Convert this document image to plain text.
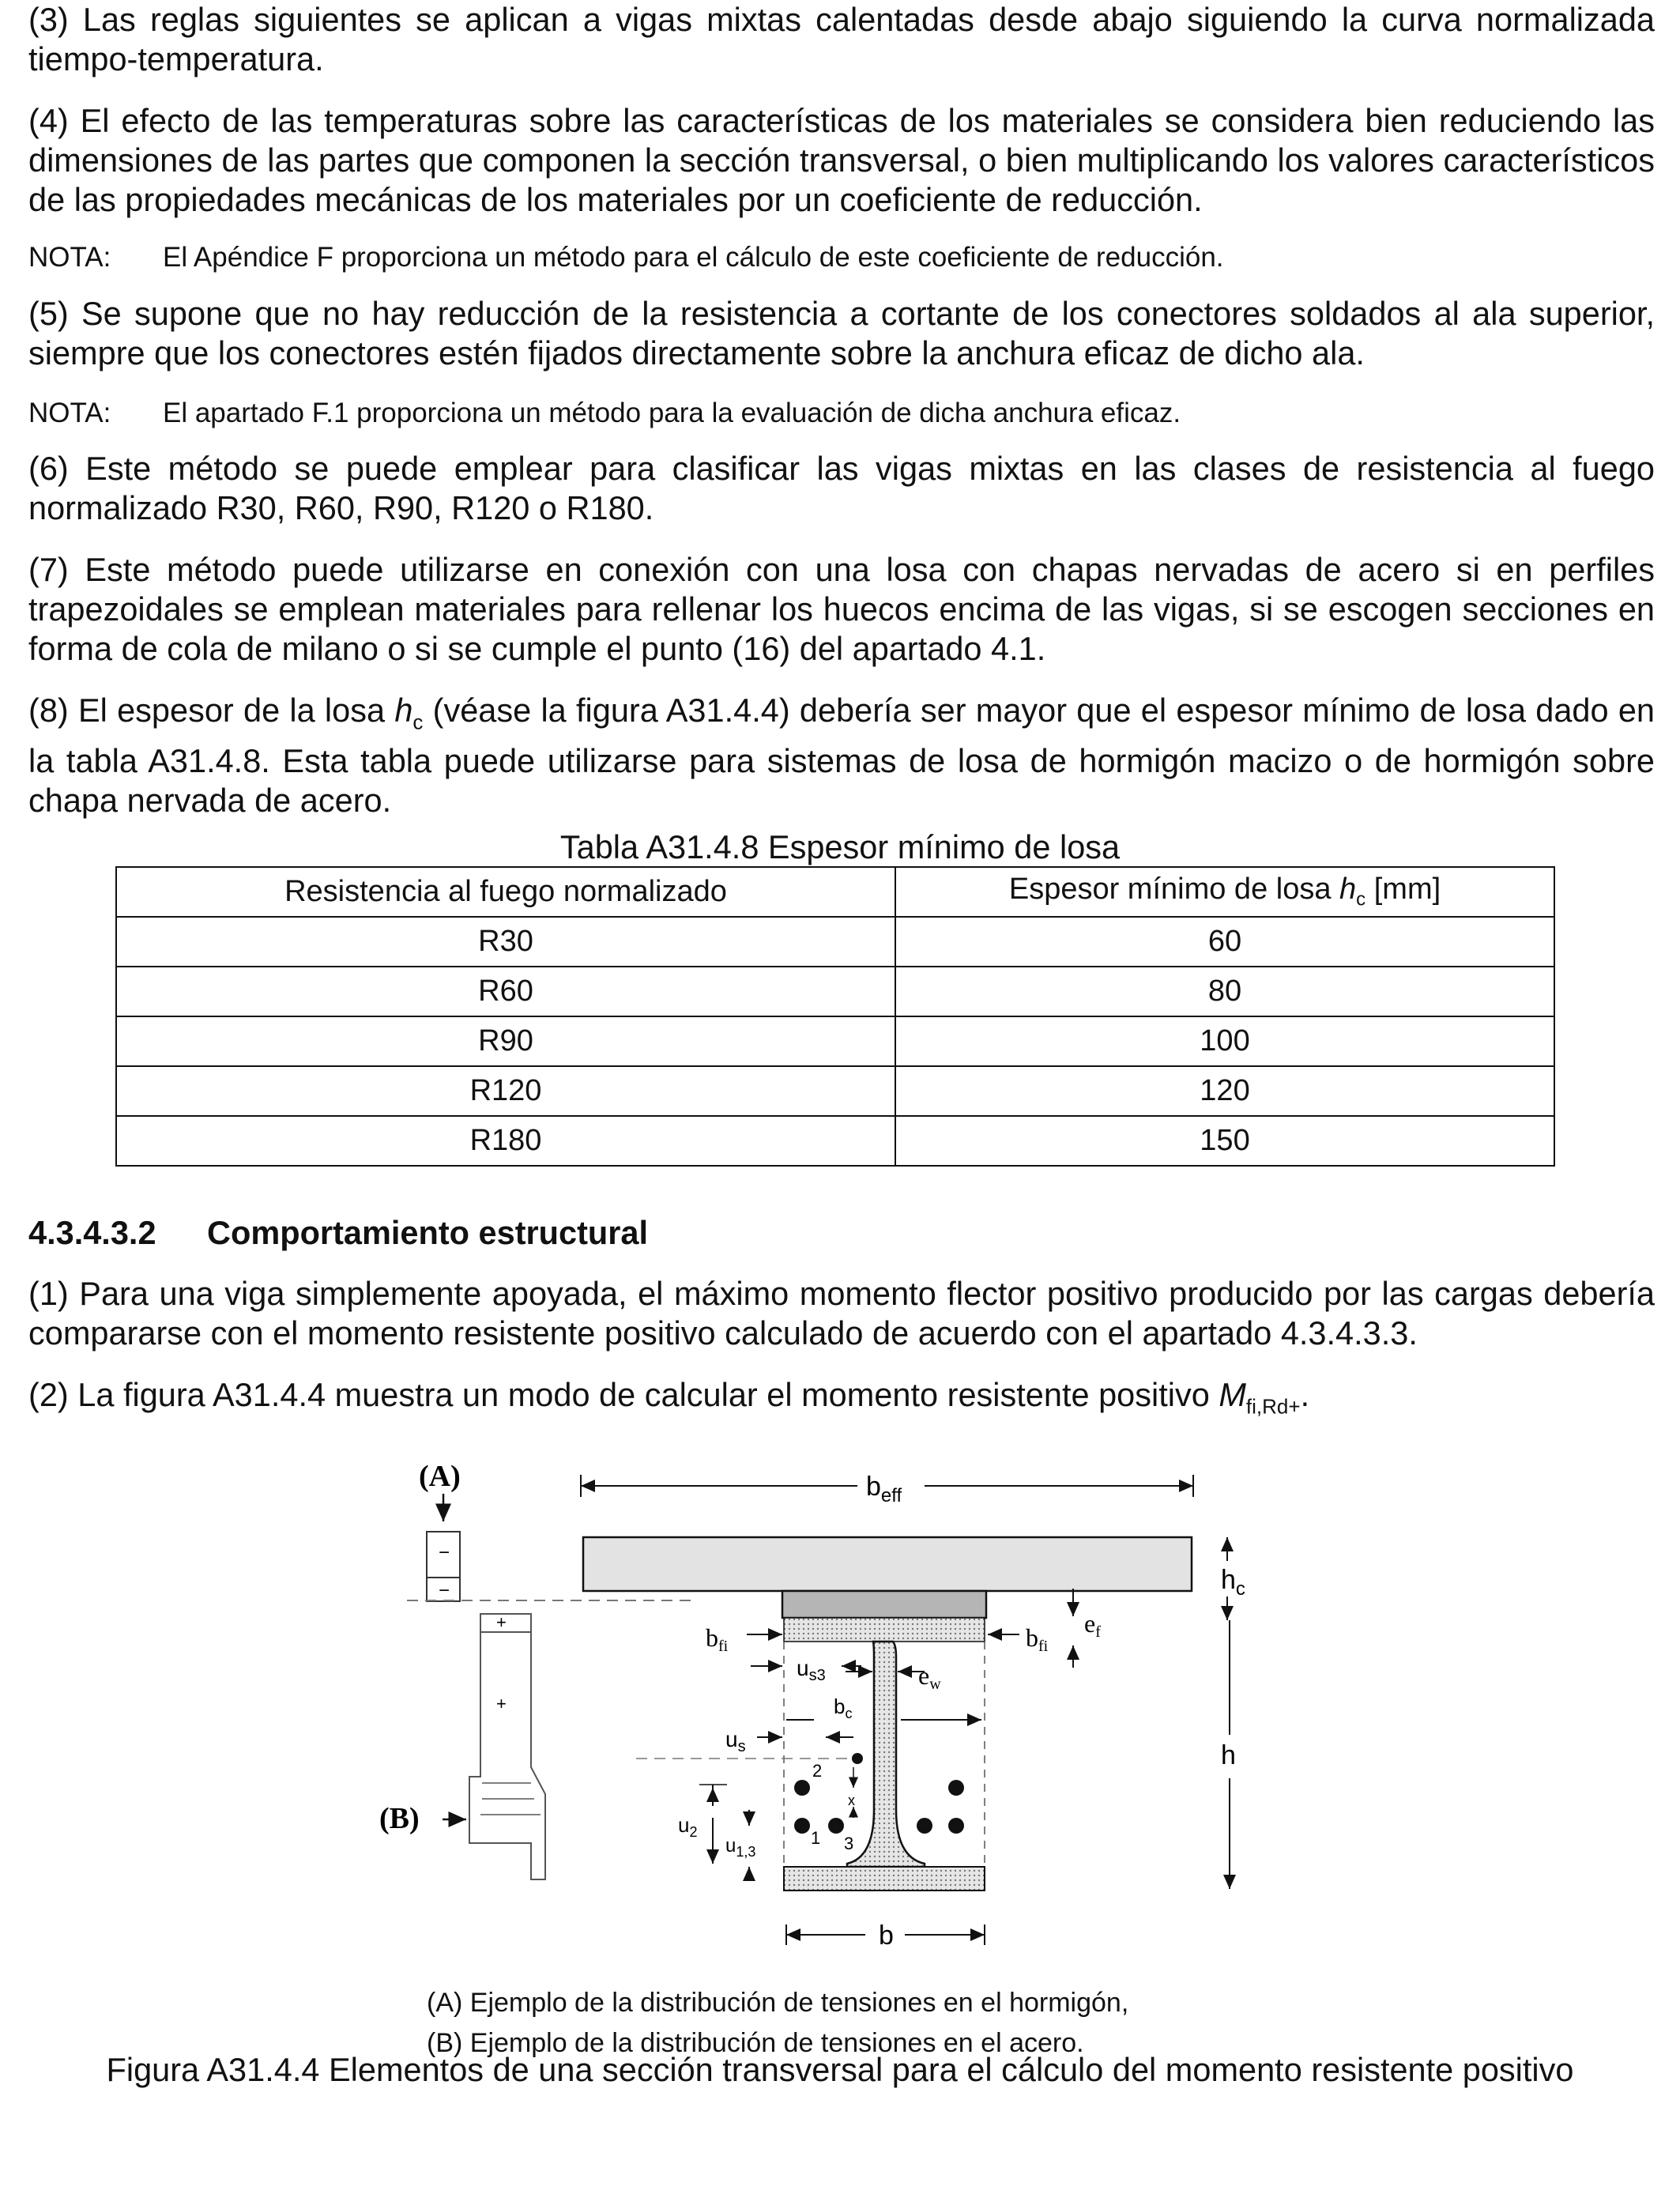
(3) Las reglas siguientes se aplican a vigas mixtas calentadas desde abajo siguiendo la curva normalizada tiempo-temperatura.

(4) El efecto de las temperaturas sobre las características de los materiales se considera bien reduciendo las dimensiones de las partes que componen la sección transversal, o bien multiplicando los valores característicos de las propiedades mecánicas de los materiales por un coeficiente de reducción.

NOTA: El Apéndice F proporciona un método para el cálculo de este coeficiente de reducción.

(5) Se supone que no hay reducción de la resistencia a cortante de los conectores soldados al ala superior, siempre que los conectores estén fijados directamente sobre la anchura eficaz de dicho ala.

NOTA: El apartado F.1 proporciona un método para la evaluación de dicha anchura eficaz.

(6) Este método se puede emplear para clasificar las vigas mixtas en las clases de resistencia al fuego normalizado R30, R60, R90, R120 o R180.

(7) Este método puede utilizarse en conexión con una losa con chapas nervadas de acero si en perfiles trapezoidales se emplean materiales para rellenar los huecos encima de las vigas, si se escogen secciones en forma de cola de milano o si se cumple el punto (16) del apartado 4.1.

(8) El espesor de la losa $h_c$ (véase la figura A31.4.4) debería ser mayor que el espesor mínimo de losa dado en la tabla A31.4.8. Esta tabla puede utilizarse para sistemas de losa de hormigón macizo o de hormigón sobre chapa nervada de acero.

Tabla A31.4.8 Espesor mínimo de losa
Resistencia al fuego normalizado	Espesor mínimo de losa $h_c$ [mm]
R30	60
R60	80
R90	100
R120	120
R180	150
4.3.4.3.2 Comportamiento estructural

(1) Para una viga simplemente apoyada, el máximo momento flector positivo producido por las cargas debería compararse con el momento resistente positivo calculado de acuerdo con el apartado 4.3.4.3.3.

(2) La figura A31.4.4 muestra un modo de calcular el momento resistente positivo $M_{fi,Rd+}$.

(A)
−
−
(B)
+
+
$b_{eff}$
$h_c$
bfi	bfi
ef
ew
$u_{s3}$
$b_c$
$u_s$
2
1 3
x
$u_2$
$u_{1,3}$
h
b
(A) Ejemplo de la distribución de tensiones en el hormigón,
(B) Ejemplo de la distribución de tensiones en el acero.
Figura A31.4.4 Elementos de una sección transversal para el cálculo del momento resistente positivo
